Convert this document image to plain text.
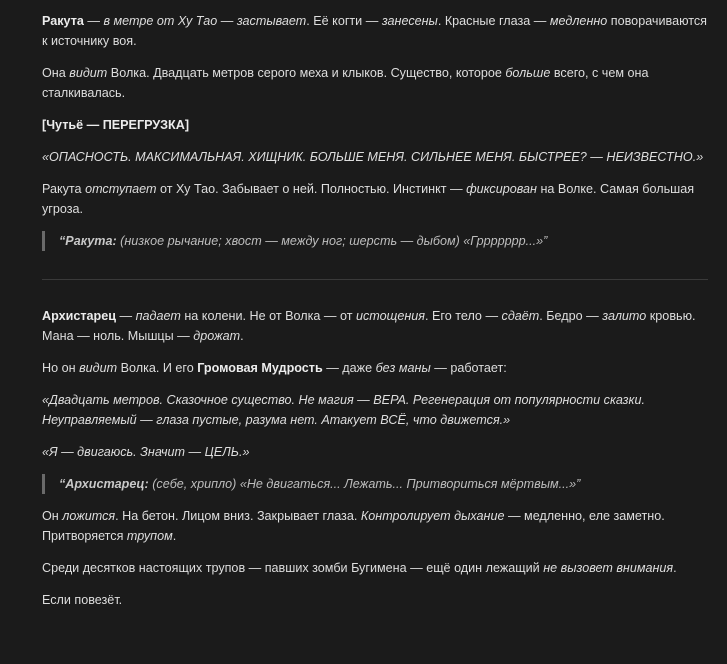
Ракута — в метре от Ху Тао — застывает. Её когти — занесены. Красные глаза — медленно поворачиваются к источнику воя.

Она видит Волка. Двадцать метров серого меха и клыков. Существо, которое больше всего, с чем она сталкивалась.

[Чутьё — ПЕРЕГРУЗКА]

«ОПАСНОСТЬ. МАКСИМАЛЬНАЯ. ХИЩНИК. БОЛЬШЕ МЕНЯ. СИЛЬНЕЕ МЕНЯ. БЫСТРЕЕ? — НЕИЗВЕСТНО.»

Ракута отступает от Ху Тао. Забывает о ней. Полностью. Инстинкт — фиксирован на Волке. Самая большая угроза.

“Ракута: (низкое рычание; хвост — между ног; шерсть — дыбом) «Гррррррр...»”

Архистарец — падает на колени. Не от Волка — от истощения. Его тело — сдаёт. Бедро — залито кровью. Мана — ноль. Мышцы — дрожат.

Но он видит Волка. И его Громовая Мудрость — даже без маны — работает:

«Двадцать метров. Сказочное существо. Не магия — ВЕРА. Регенерация от популярности сказки. Неуправляемый — глаза пустые, разума нет. Атакует ВСЁ, что движется.»

«Я — двигаюсь. Значит — ЦЕЛЬ.»

“Архистарец: (себе, хрипло) «Не двигаться... Лежать... Притвориться мёртвым...»”

Он ложится. На бетон. Лицом вниз. Закрывает глаза. Контролирует дыхание — медленно, еле заметно. Притворяется трупом.

Среди десятков настоящих трупов — павших зомби Бугимена — ещё один лежащий не вызовет внимания.

Если повезёт.
